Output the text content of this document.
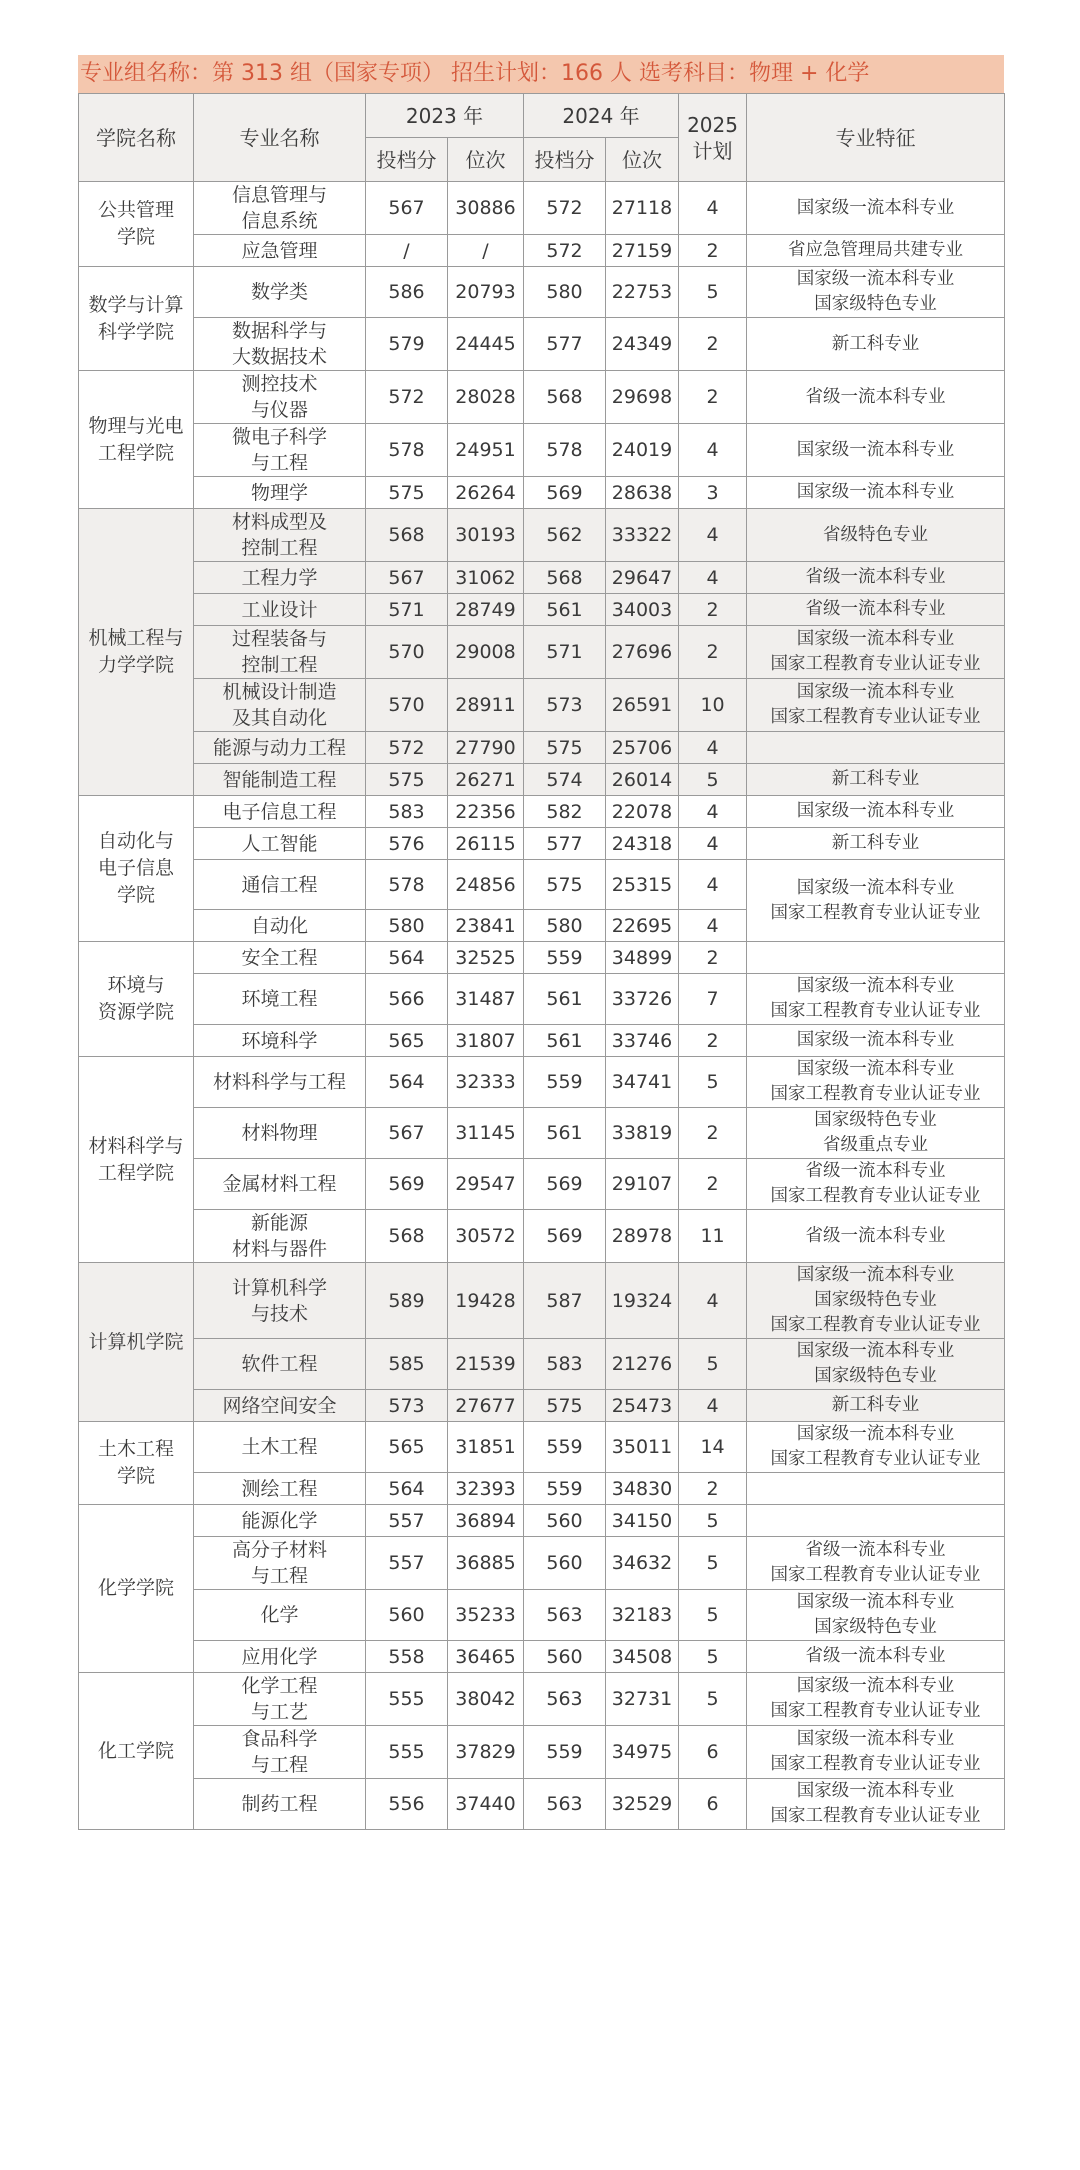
专业组名称：第 313 组（国家专项） 招生计划：166 人 选考科目：物理 + 化学
学院名称	专业名称	2023 年		2024 年		2025
计划	专业特征
		投档分	位次	投档分	位次		

公共管理
学院	信息管理与
信息系统	567	30886	572	27118	4	国家级一流本科专业

	应急管理	/	/	572	27159	2	省应急管理局共建专业

数学与计算
科学学院	数学类	586	20793	580	22753	5	国家级一流本科专业
国家级特色专业

	数据科学与
大数据技术	579	24445	577	24349	2	新工科专业

物理与光电
工程学院	测控技术
与仪器	572	28028	568	29698	2	省级一流本科专业

	微电子科学
与工程	578	24951	578	24019	4	国家级一流本科专业

	物理学	575	26264	569	28638	3	国家级一流本科专业

机械工程与
力学学院	材料成型及
控制工程	568	30193	562	33322	4	省级特色专业

	工程力学	567	31062	568	29647	4	省级一流本科专业

	工业设计	571	28749	561	34003	2	省级一流本科专业

	过程装备与
控制工程	570	29008	571	27696	2	国家级一流本科专业
国家工程教育专业认证专业

	机械设计制造
及其自动化	570	28911	573	26591	10	国家级一流本科专业
国家工程教育专业认证专业

	能源与动力工程	572	27790	575	25706	4	

	智能制造工程	575	26271	574	26014	5	新工科专业

自动化与
电子信息
学院	电子信息工程	583	22356	582	22078	4	国家级一流本科专业

	人工智能	576	26115	577	24318	4	新工科专业

	通信工程	578	24856	575	25315	4	国家级一流本科专业
国家工程教育专业认证专业

	自动化	580	23841	580	22695	4	

环境与
资源学院	安全工程	564	32525	559	34899	2	

	环境工程	566	31487	561	33726	7	国家级一流本科专业
国家工程教育专业认证专业

	环境科学	565	31807	561	33746	2	国家级一流本科专业

材料科学与
工程学院	材料科学与工程	564	32333	559	34741	5	国家级一流本科专业
国家工程教育专业认证专业

	材料物理	567	31145	561	33819	2	国家级特色专业
省级重点专业

	金属材料工程	569	29547	569	29107	2	省级一流本科专业
国家工程教育专业认证专业

	新能源
材料与器件	568	30572	569	28978	11	省级一流本科专业

计算机学院	计算机科学
与技术	589	19428	587	19324	4	国家级一流本科专业
国家级特色专业
国家工程教育专业认证专业

	软件工程	585	21539	583	21276	5	国家级一流本科专业
国家级特色专业

	网络空间安全	573	27677	575	25473	4	新工科专业

土木工程
学院	土木工程	565	31851	559	35011	14	国家级一流本科专业
国家工程教育专业认证专业

	测绘工程	564	32393	559	34830	2	

化学学院	能源化学	557	36894	560	34150	5	

	高分子材料
与工程	557	36885	560	34632	5	省级一流本科专业
国家工程教育专业认证专业

	化学	560	35233	563	32183	5	国家级一流本科专业
国家级特色专业

	应用化学	558	36465	560	34508	5	省级一流本科专业

化工学院	化学工程
与工艺	555	38042	563	32731	5	国家级一流本科专业
国家工程教育专业认证专业

	食品科学
与工程	555	37829	559	34975	6	国家级一流本科专业
国家工程教育专业认证专业

	制药工程	556	37440	563	32529	6	国家级一流本科专业
国家工程教育专业认证专业
